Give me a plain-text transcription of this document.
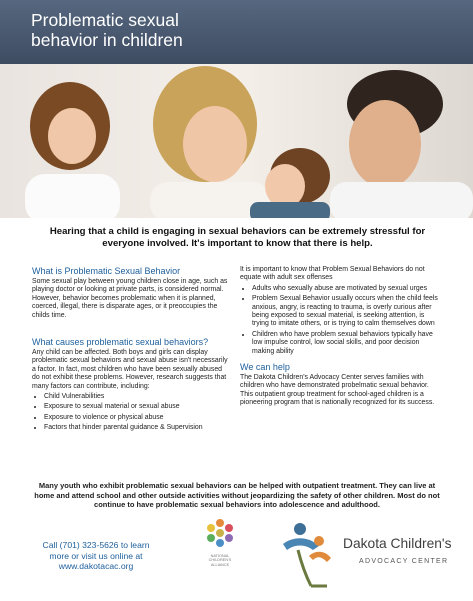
Problematic sexual
behavior in children
Hearing that a child is engaging in sexual behaviors can be extremely stressful for everyone involved. It's important to know that there is help.
What is Problematic Sexual Behavior

Some sexual play between young children close in age, such as playing doctor or looking at private parts, is considered normal. However, behavior becomes problematic when it is planned, coerced, illegal, there is disparate ages, or it preoccupies the childs time.

What causes problematic sexual behaviors?

Any child can be affected. Both boys and girls can display problematic sexual behaviors and sexual abuse isn't necessarily a factor. In fact, most children who have been sexually abused do not exhibit these problems. However, research suggests that many factors can contribute, including:

• Child Vulnerabilities
• Exposure to sexual material or sexual abuse
• Exposure to violence or physical abuse
• Factors that hinder parental guidance & Supervision

It is important to know that Problem Sexual Behaviors do not equate with adult sex offenses

• Adults who sexually abuse are motivated by sexual urges
• Problem Sexual Behavior usually occurs when the child feels anxious, angry, is reacting to trauma, is overly curious after being exposed to sexual material, is seeking attention, is trying to imitate others, or is trying to calm themselves down
• Children who have problem sexual behaviors typically have low impulse control, low social skills, and poor decision making ability
We can help

The Dakota Children's Advocacy Center serves families with children who have demonstrated probelmatic sexual behavior. This outpatient group treatment for school-aged children is a pioneering program that is nationally recognized for its success.

Many youth who exhibit problematic sexual behaviors can be helped with outpatient treatment. They can live at home and attend school and other outside activities without jeopardizing the safety of other children. Most do not continue to have problematic sexual behaviors into adolescence and adulthood.
Call (701) 323-5626 to learn
more or visit us online at
www.dakotacac.org
NATIONAL
CHILDREN'S
ALLIANCE
Dakota Children's
ADVOCACY CENTER
